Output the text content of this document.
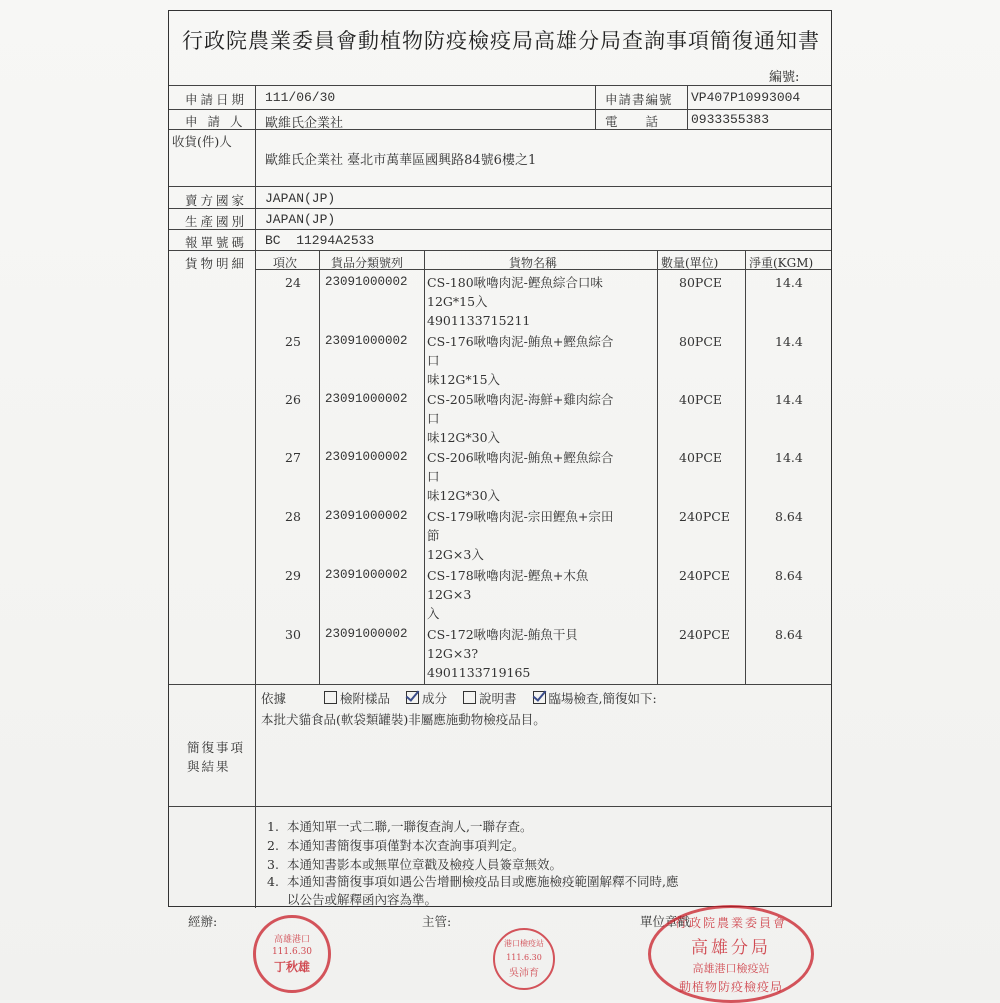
行政院農業委員會動植物防疫檢疫局高雄分局查詢事項簡復通知書
編號:
申請日期 111/06/30	申請書編號 VP407P10993004
申 請 人 歐維氏企業社	電　　話 0933355383
收貨(件)人
歐維氏企業社 臺北市萬華區國興路84號6樓之1
賣方國家 JAPAN(JP)
生產國別 JAPAN(JP)
報單號碼 BC  11294A2533
貨物明細 項次	貨品分類號列	貨物名稱	數量(單位)	淨重(KGM)
24 23091000002 CS-180啾嚕肉泥-鰹魚綜合口味
12G*15入
4901133715211
80PCE	14.4
25 23091000002 CS-176啾嚕肉泥-鮪魚+鰹魚綜合
口
味12G*15入
80PCE	14.4
26 23091000002 CS-205啾嚕肉泥-海鮮+雞肉綜合
口
味12G*30入
40PCE	14.4
27 23091000002 CS-206啾嚕肉泥-鮪魚+鰹魚綜合
口
味12G*30入
40PCE	14.4
28 23091000002 CS-179啾嚕肉泥-宗田鰹魚+宗田
節
12G×3入
240PCE	8.64
29 23091000002 CS-178啾嚕肉泥-鰹魚+木魚
12G×3
入
240PCE	8.64
30 23091000002 CS-172啾嚕肉泥-鮪魚干貝
12G×3?
4901133719165
240PCE	8.64
簡復事項
與結果
依據	檢附樣品	成分	說明書	臨場檢查,簡復如下:
本批犬貓食品(軟袋類罐裝)非屬應施動物檢疫品目。
1. 本通知單一式二聯,一聯復查詢人,一聯存查。
2. 本通知書簡復事項僅對本次查詢事項判定。
3. 本通知書影本或無單位章戳及檢疫人員簽章無效。
4. 本通知書簡復事項如遇公告增刪檢疫品目或應施檢疫範圍解釋不同時,應
以公告或解釋函內容為準。
經辦:	主管:	單位章戳
高雄港口
111.6.30
丁秋雄
港口檢疫站
111.6.30
吳沛育
行政院農業委員會
高雄分局
高雄港口檢疫站
動植物防疫檢疫局
